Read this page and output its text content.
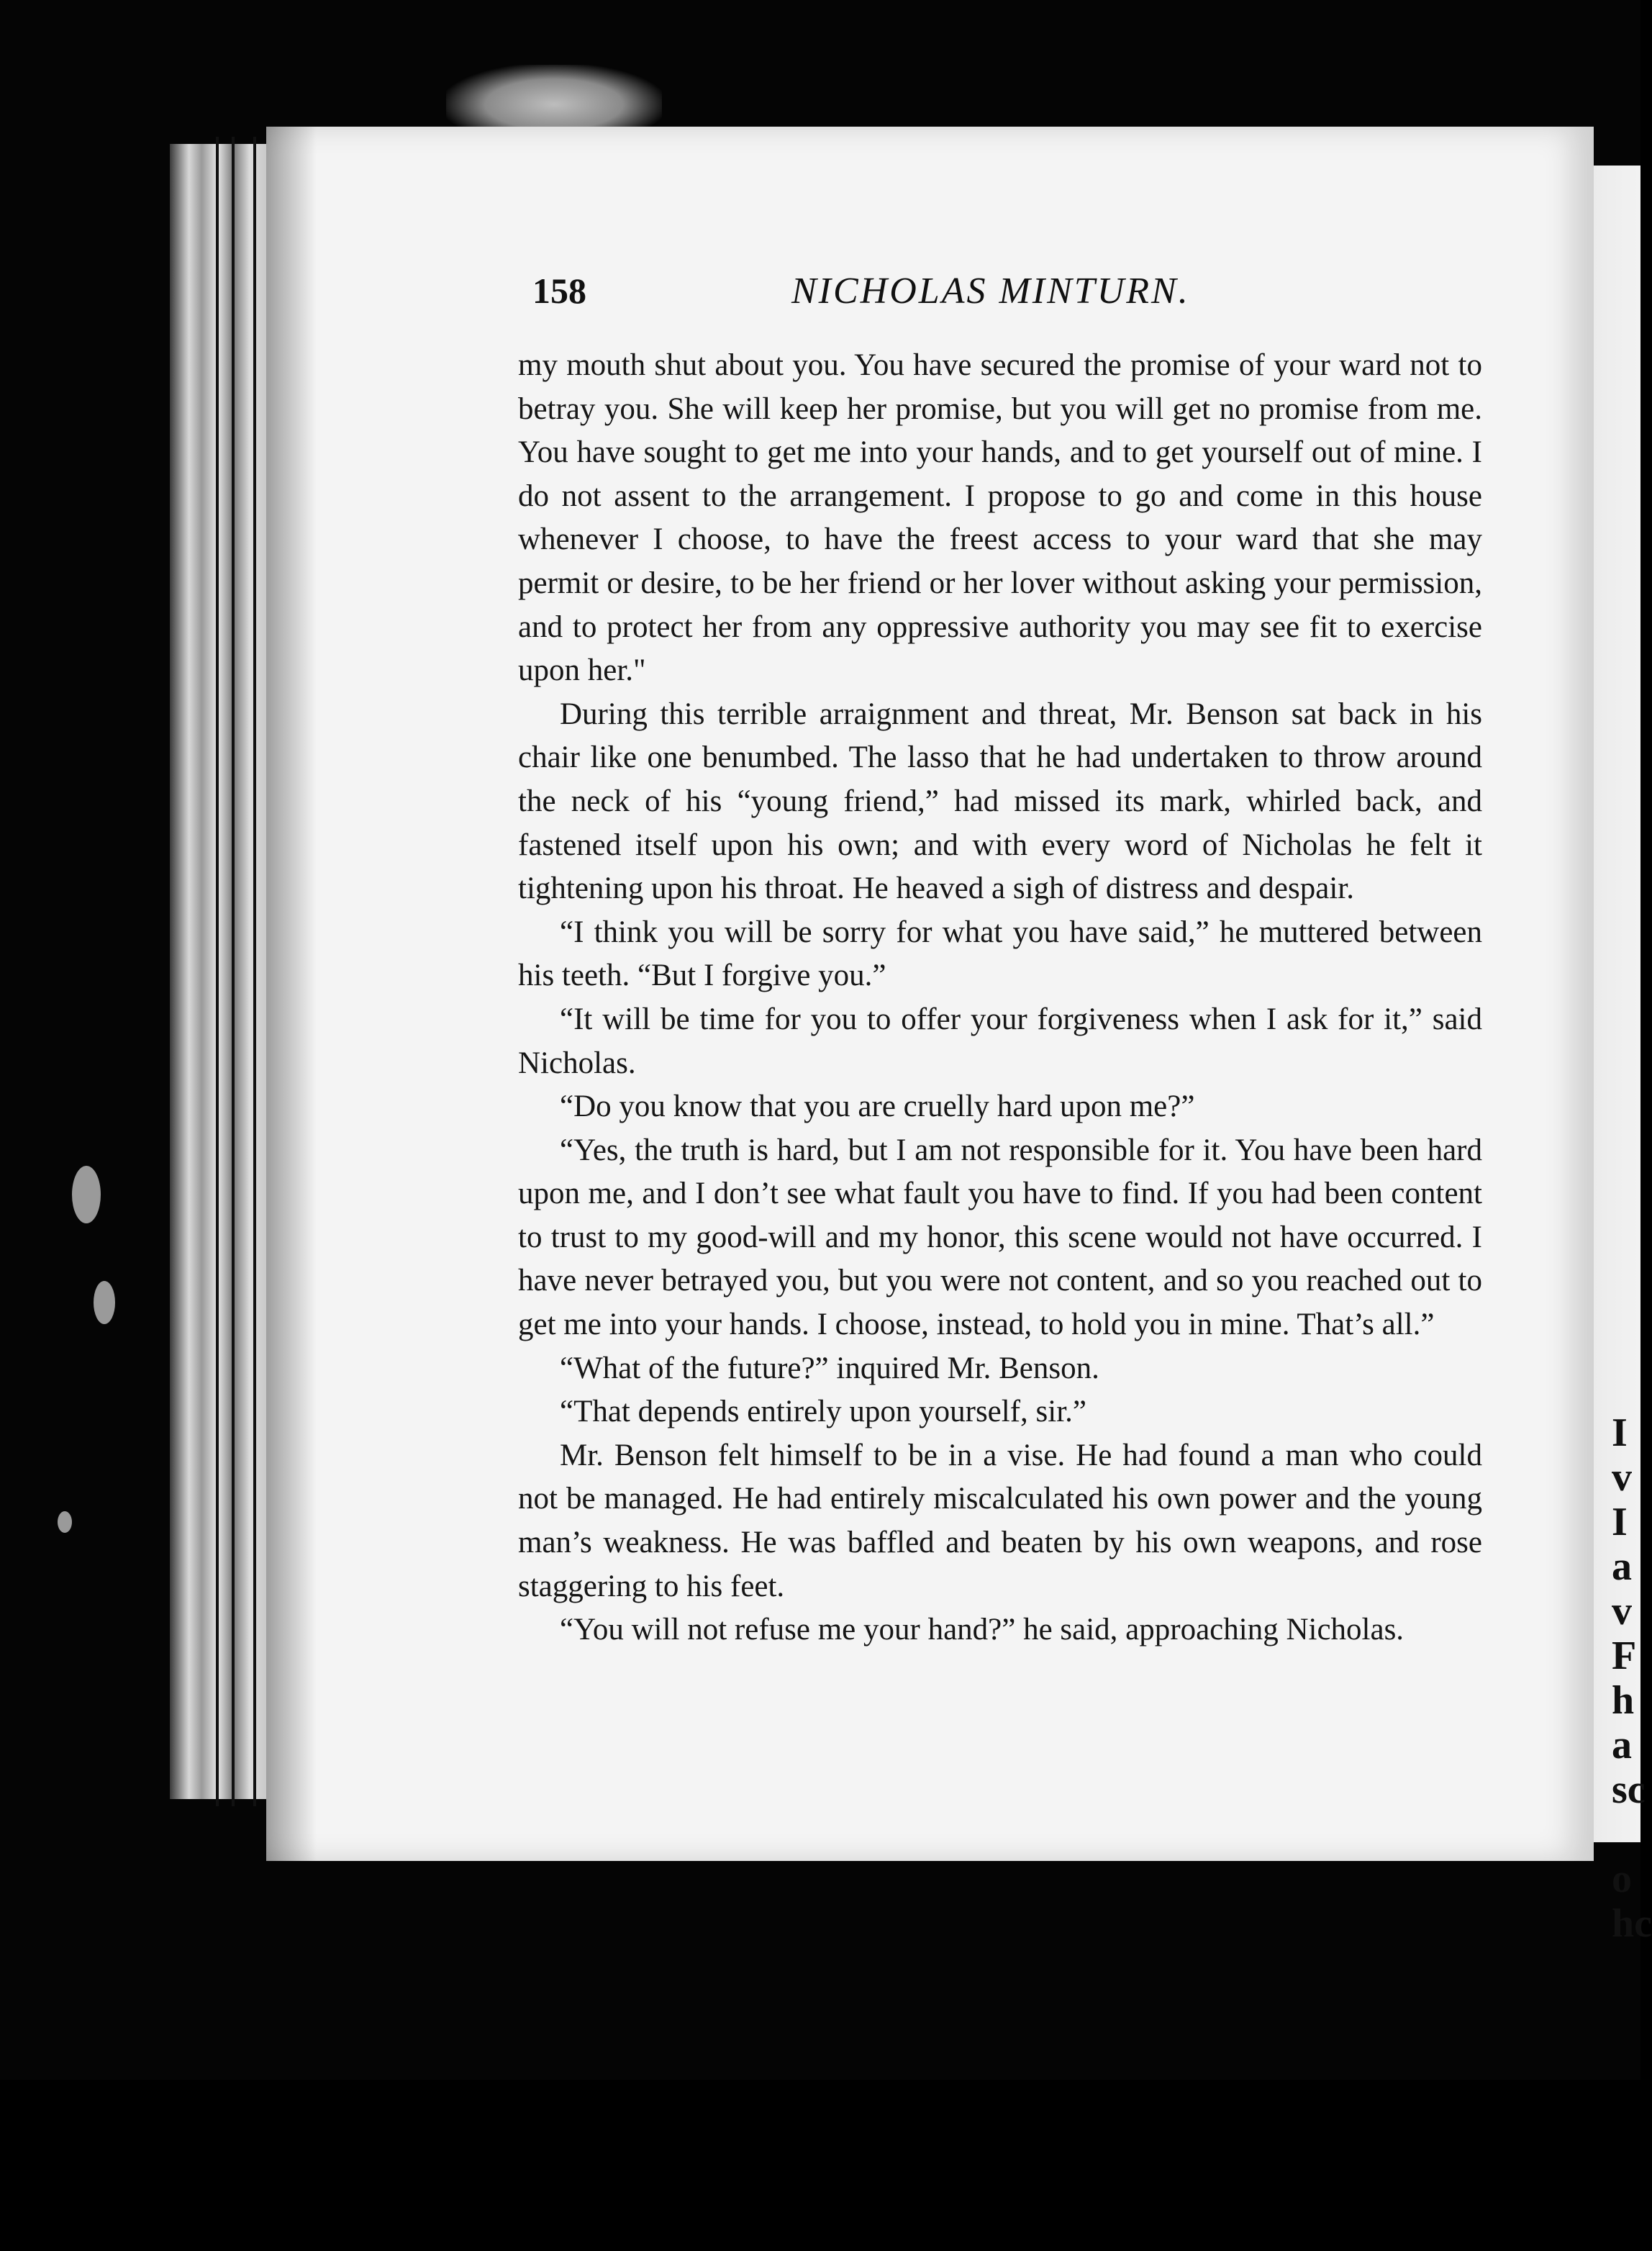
I
v
I
a
v
F
h
a
sc

o
hc
158	NICHOLAS MINTURN.

my mouth shut about you. You have secured the promise of your ward not to betray you. She will keep her promise, but you will get no promise from me. You have sought to get me into your hands, and to get yourself out of mine. I do not assent to the arrangement. I propose to go and come in this house whenever I choose, to have the freest access to your ward that she may permit or desire, to be her friend or her lover without asking your permission, and to protect her from any oppressive authority you may see fit to exercise upon her."

During this terrible arraignment and threat, Mr. Benson sat back in his chair like one benumbed. The lasso that he had undertaken to throw around the neck of his “young friend,” had missed its mark, whirled back, and fastened itself upon his own; and with every word of Nicholas he felt it tightening upon his throat. He heaved a sigh of distress and despair.

“I think you will be sorry for what you have said,” he muttered between his teeth. “But I forgive you.”

“It will be time for you to offer your forgiveness when I ask for it,” said Nicholas.

“Do you know that you are cruelly hard upon me?”

“Yes, the truth is hard, but I am not responsible for it. You have been hard upon me, and I don’t see what fault you have to find. If you had been content to trust to my good-will and my honor, this scene would not have occurred. I have never betrayed you, but you were not content, and so you reached out to get me into your hands. I choose, instead, to hold you in mine. That’s all.”

“What of the future?” inquired Mr. Benson.

“That depends entirely upon yourself, sir.”

Mr. Benson felt himself to be in a vise. He had found a man who could not be managed. He had entirely miscalculated his own power and the young man’s weakness. He was baffled and beaten by his own weapons, and rose staggering to his feet.

“You will not refuse me your hand?” he said, approaching Nicholas.
